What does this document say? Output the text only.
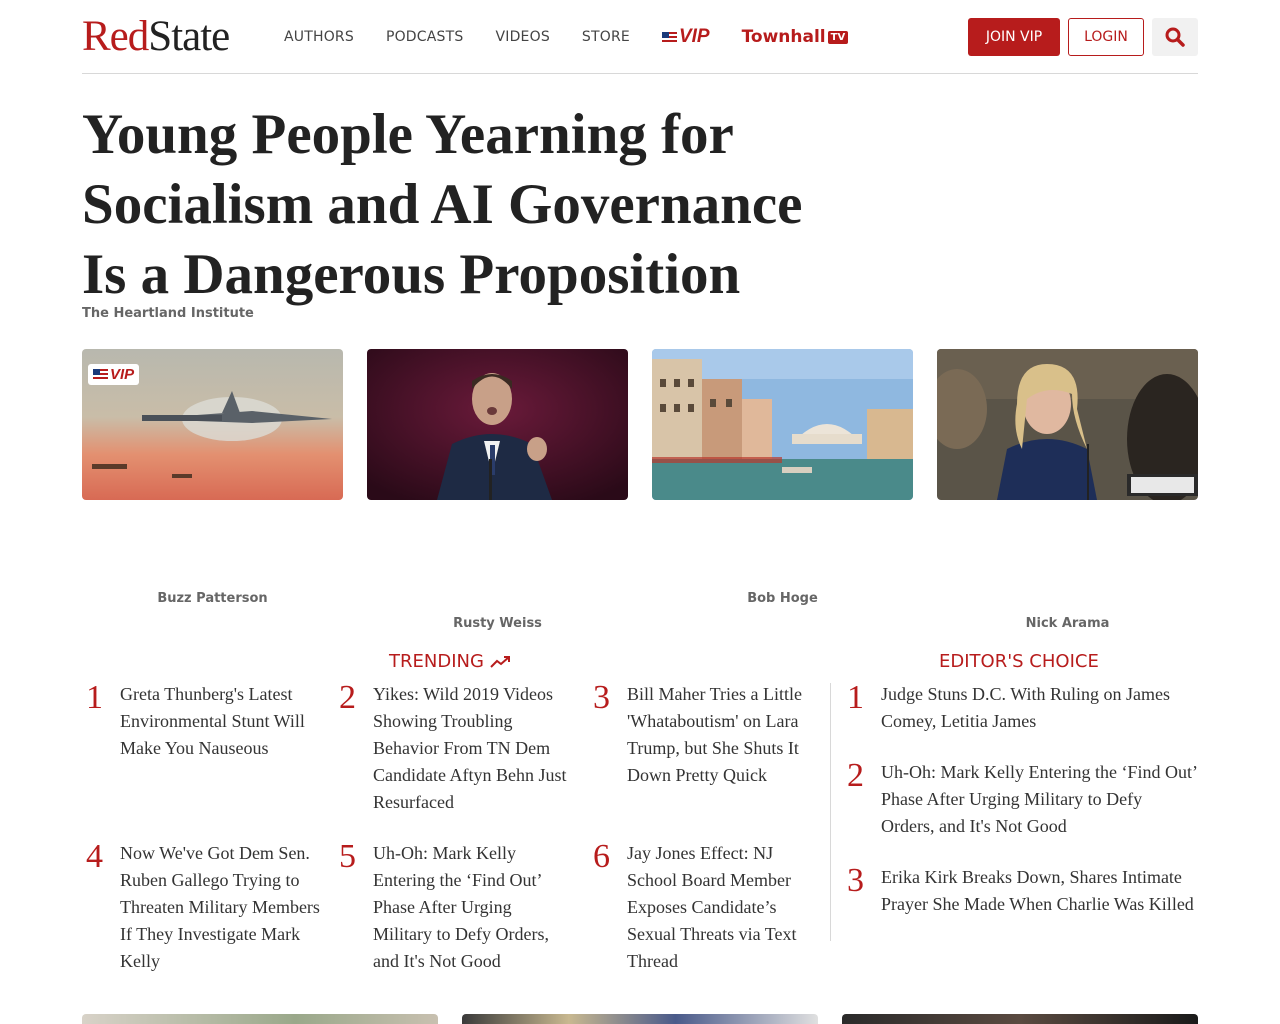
RedState	AUTHORS PODCASTS VIDEOS STORE	VIP Townhall TV	JOIN VIP	LOGIN
Young People Yearning for Socialism and AI Governance Is a Dangerous Proposition
The Heartland Institute
VIP
Buzz Patterson
Rusty Weiss
Bob Hoge
Nick Arama
TRENDING	EDITOR'S CHOICE
1 Greta Thunberg's Latest Environmental Stunt Will Make You Nauseous
2 Yikes: Wild 2019 Videos Showing Troubling Behavior From TN Dem Candidate Aftyn Behn Just Resurfaced
3 Bill Maher Tries a Little 'Whataboutism' on Lara Trump, but She Shuts It Down Pretty Quick
4 Now We've Got Dem Sen. Ruben Gallego Trying to Threaten Military Members If They Investigate Mark Kelly
5 Uh-Oh: Mark Kelly Entering the ‘Find Out’ Phase After Urging Military to Defy Orders, and It's Not Good
6 Jay Jones Effect: NJ School Board Member Exposes Candidate’s Sexual Threats via Text Thread
1 Judge Stuns D.C. With Ruling on James Comey, Letitia James
2 Uh-Oh: Mark Kelly Entering the ‘Find Out’ Phase After Urging Military to Defy Orders, and It's Not Good
3 Erika Kirk Breaks Down, Shares Intimate Prayer She Made When Charlie Was Killed
